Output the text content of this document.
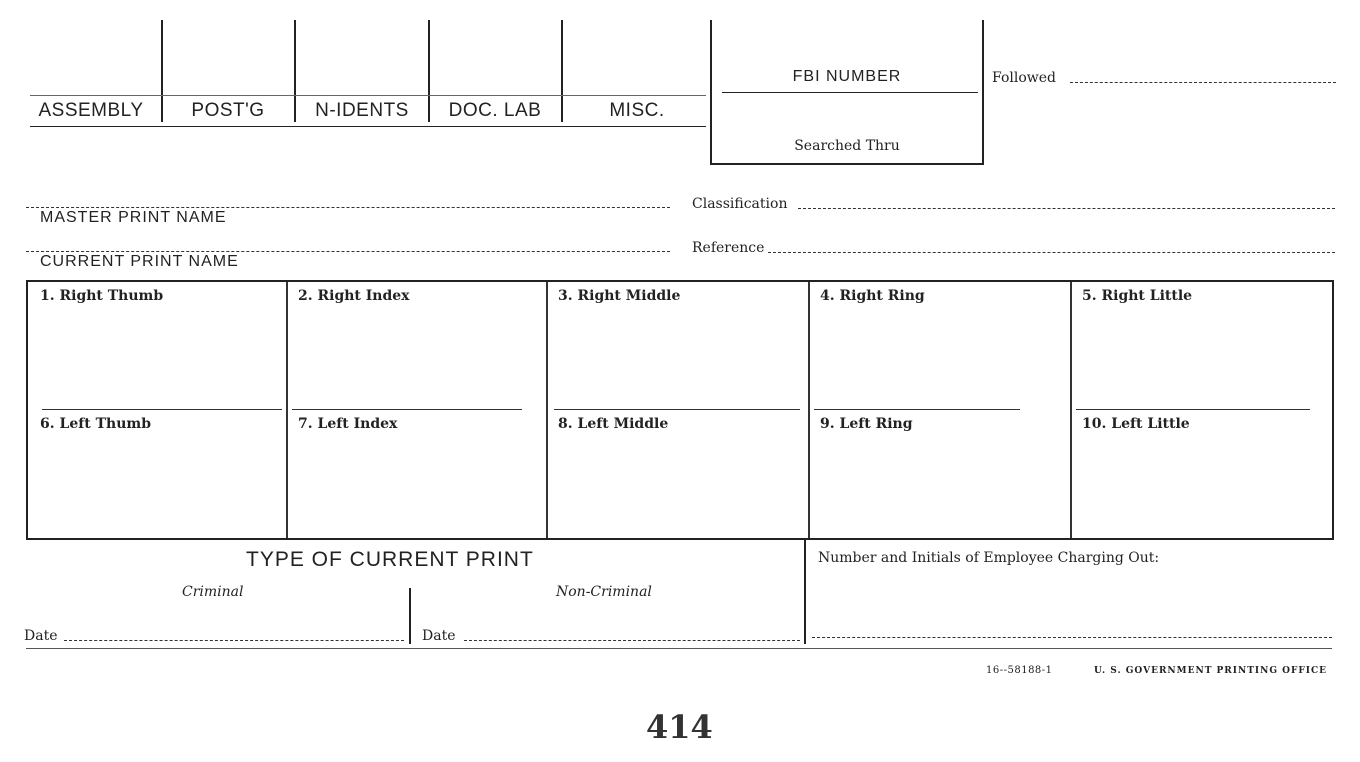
ASSEMBLY	POST'G	N-IDENTS	DOC. LAB	MISC.
FBI NUMBER
Searched Thru
Followed
MASTER PRINT NAME
Classification
CURRENT PRINT NAME
Reference
1. Right Thumb	2. Right Index	3. Right Middle	4. Right Ring	5. Right Little
6. Left Thumb	7. Left Index	8. Left Middle	9. Left Ring	10. Left Little
TYPE OF CURRENT PRINT
Criminal	Non-Criminal
Date	Date
Number and Initials of Employee Charging Out:
16--58188-1	U. S. GOVERNMENT PRINTING OFFICE
414
